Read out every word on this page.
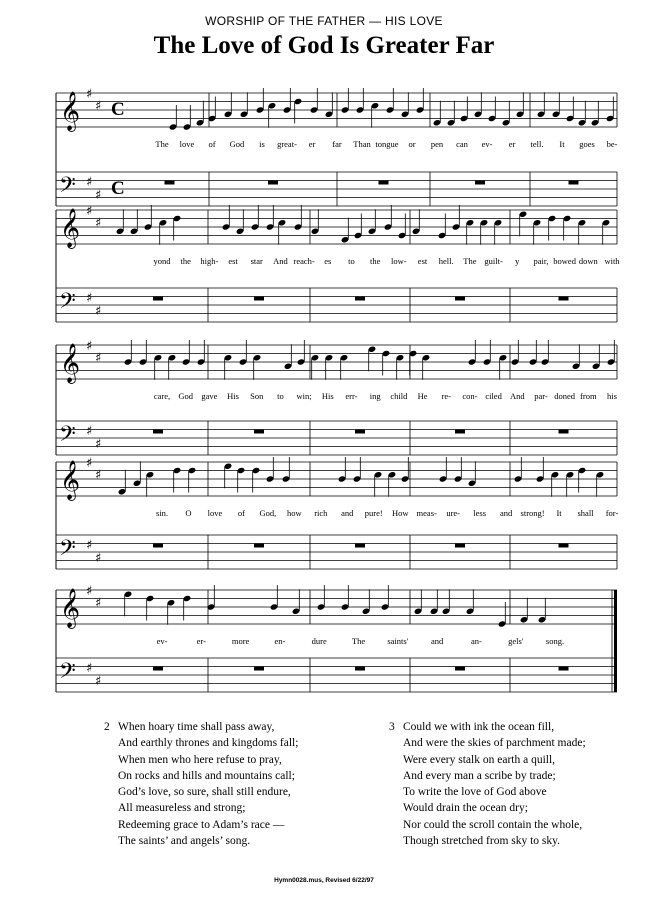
WORSHIP OF THE FATHER — HIS LOVE
The Love of God Is Greater Far
𝄞
𝄢
♯
♯
♯
♯
C
C
The love of God is great- er far Than tongue or pen can ev- er tell. It goes be-
𝄞
𝄢
♯
♯
♯
♯
yond the high- est star And reach- es to the low- est hell. The guilt- y pair, bowed down with
𝄞
𝄢
♯
♯
♯
♯
care, God gave His Son to win; His err- ing child He re- con- ciled And par- doned from his
𝄞
𝄢
♯
♯
♯
♯
sin. O love of God, how rich and pure! How meas- ure- less and strong! It shall for-
𝄞
𝄢
♯
♯
♯
♯
ev-	er-	more	en-	dure	The	saints'	and	an-	gels'	song.
2 When hoary time shall pass away,
And earthly thrones and kingdoms fall;
When men who here refuse to pray,
On rocks and hills and mountains call;
God’s love, so sure, shall still endure,
All measureless and strong;
Redeeming grace to Adam’s race —
The saints’ and angels’ song.
3 Could we with ink the ocean fill,
And were the skies of parchment made;
Were every stalk on earth a quill,
And every man a scribe by trade;
To write the love of God above
Would drain the ocean dry;
Nor could the scroll contain the whole,
Though stretched from sky to sky.
Hymn0028.mus, Revised 6/22/97
